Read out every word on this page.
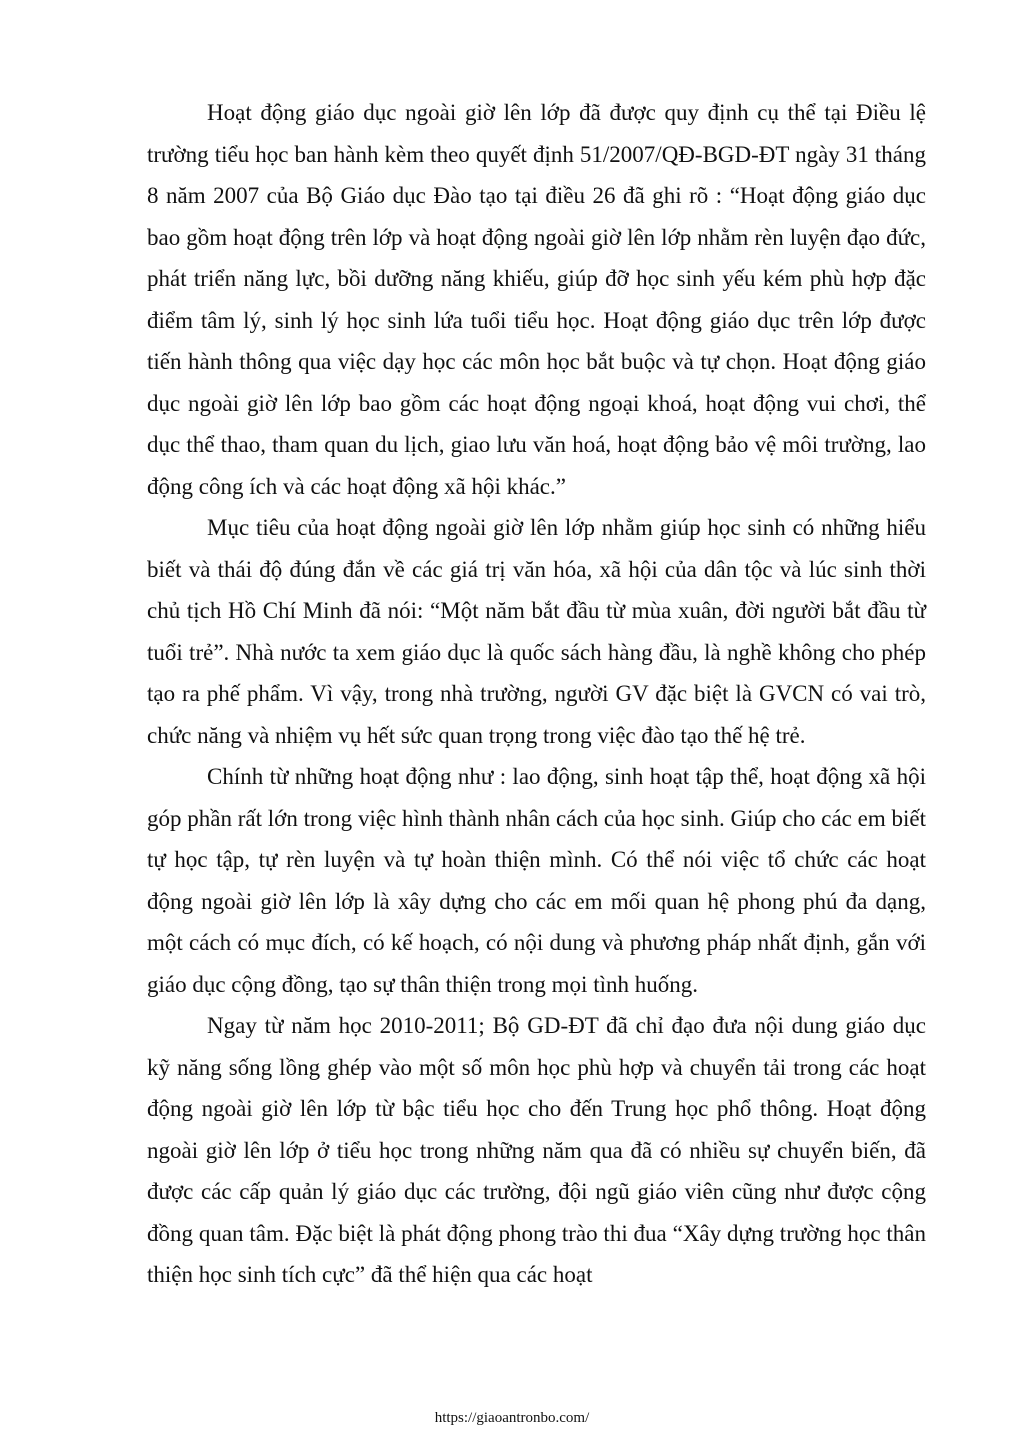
Hoạt động giáo dục ngoài giờ lên lớp đã được quy định cụ thể tại Điều lệ trường tiểu học ban hành kèm theo quyết định 51/2007/QĐ-BGD-ĐT ngày 31 tháng 8 năm 2007 của Bộ Giáo dục Đào tạo tại điều 26 đã ghi rõ : “Hoạt động giáo dục bao gồm hoạt động trên lớp và hoạt động ngoài giờ lên lớp nhằm rèn luyện đạo đức, phát triển năng lực, bồi dưỡng năng khiếu, giúp đỡ học sinh yếu kém phù hợp đặc điểm tâm lý, sinh lý học sinh lứa tuổi tiểu học. Hoạt động giáo dục trên lớp được tiến hành thông qua việc dạy học các môn học bắt buộc và tự chọn. Hoạt động giáo dục ngoài giờ lên lớp bao gồm các hoạt động ngoại khoá, hoạt động vui chơi, thể dục thể thao, tham quan du lịch, giao lưu văn hoá, hoạt động bảo vệ môi trường, lao động công ích và các hoạt động xã hội khác.”

Mục tiêu của hoạt động ngoài giờ lên lớp nhằm giúp học sinh có những hiểu biết và thái độ đúng đắn về các giá trị văn hóa, xã hội của dân tộc và lúc sinh thời chủ tịch Hồ Chí Minh đã nói: “Một năm bắt đầu từ mùa xuân, đời người bắt đầu từ tuổi trẻ”. Nhà nước ta xem giáo dục là quốc sách hàng đầu, là nghề không cho phép tạo ra phế phẩm. Vì vậy, trong nhà trường, người GV đặc biệt là GVCN có vai trò, chức năng và nhiệm vụ hết sức quan trọng trong việc đào tạo thế hệ trẻ.

Chính từ những hoạt động như : lao động, sinh hoạt tập thể, hoạt động xã hội góp phần rất lớn trong việc hình thành nhân cách của học sinh. Giúp cho các em biết tự học tập, tự rèn luyện và tự hoàn thiện mình. Có thể nói việc tổ chức các hoạt động ngoài giờ lên lớp là xây dựng cho các em mối quan hệ phong phú đa dạng, một cách có mục đích, có kế hoạch, có nội dung và phương pháp nhất định, gắn với giáo dục cộng đồng, tạo sự thân thiện trong mọi tình huống.

Ngay từ năm học 2010-2011; Bộ GD-ĐT đã chỉ đạo đưa nội dung giáo dục kỹ năng sống lồng ghép vào một số môn học phù hợp và chuyển tải trong các hoạt động ngoài giờ lên lớp từ bậc tiểu học cho đến Trung học phổ thông. Hoạt động ngoài giờ lên lớp ở tiểu học trong những năm qua đã có nhiều sự chuyển biến, đã được các cấp quản lý giáo dục các trường, đội ngũ giáo viên cũng như được cộng đồng quan tâm. Đặc biệt là phát động phong trào thi đua “Xây dựng trường học thân thiện học sinh tích cực” đã thể hiện qua các hoạt

https://giaoantronbo.com/
